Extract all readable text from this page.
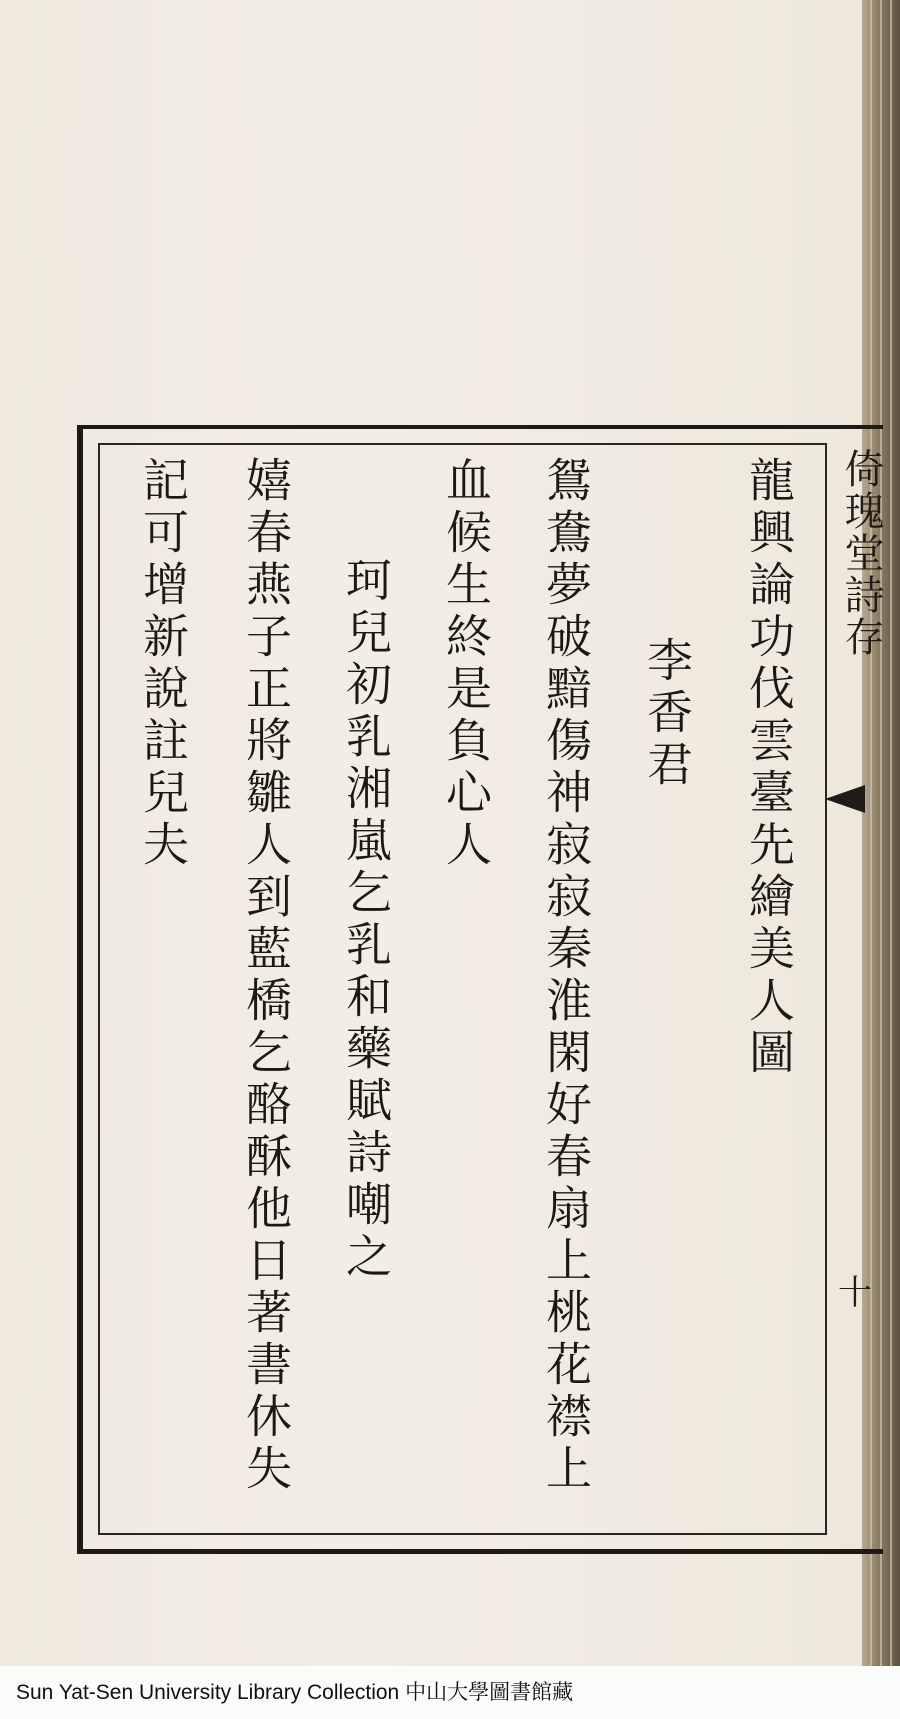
倚瑰堂詩存
十
龍興論功伐雲臺先繪美人圖
李香君
鴛鴦夢破黯傷神寂寂秦淮閑好春扇上桃花襟上
血候生終是負心人
珂兒初乳湘嵐乞乳和藥賦詩嘲之
嬉春燕子正將雛人到藍橋乞酪酥他日著書休失
記可增新說註兒夫
Sun Yat-Sen University Library Collection 中山大學圖書館藏
